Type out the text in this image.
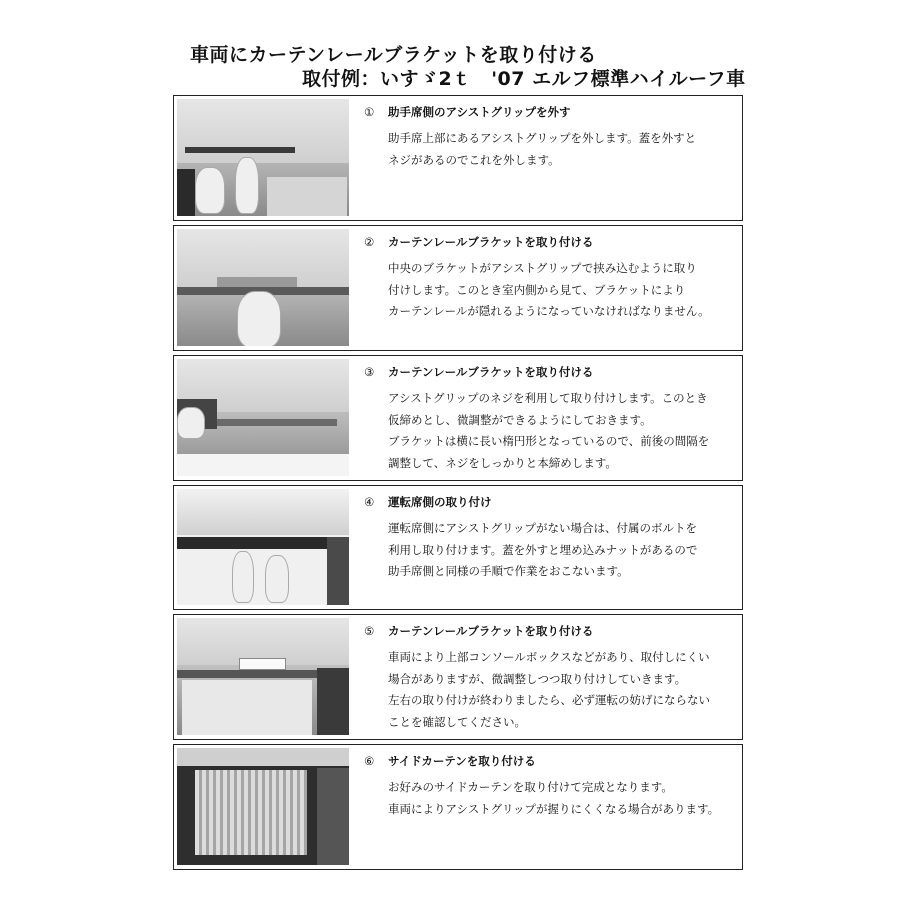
車両にカーテンレールブラケットを取り付ける
取付例：いすゞ2ｔ　'07 エルフ標準ハイルーフ車
① 助手席側のアシストグリップを外す

助手席上部にあるアシストグリップを外します。蓋を外すと

ネジがあるのでこれを外します。

② カーテンレールブラケットを取り付ける

中央のブラケットがアシストグリップで挟み込むように取り

付けします。このとき室内側から見て、ブラケットにより

カーテンレールが隠れるようになっていなければなりません。

③ カーテンレールブラケットを取り付ける

アシストグリップのネジを利用して取り付けします。このとき

仮締めとし、微調整ができるようにしておきます。

ブラケットは横に長い楕円形となっているので、前後の間隔を

調整して、ネジをしっかりと本締めします。

④ 運転席側の取り付け

運転席側にアシストグリップがない場合は、付属のボルトを

利用し取り付けます。蓋を外すと埋め込みナットがあるので

助手席側と同様の手順で作業をおこないます。

⑤ カーテンレールブラケットを取り付ける

車両により上部コンソールボックスなどがあり、取付しにくい

場合がありますが、微調整しつつ取り付けしていきます。

左右の取り付けが終わりましたら、必ず運転の妨げにならない

ことを確認してください。

⑥ サイドカーテンを取り付ける

お好みのサイドカーテンを取り付けて完成となります。

車両によりアシストグリップが握りにくくなる場合があります。
